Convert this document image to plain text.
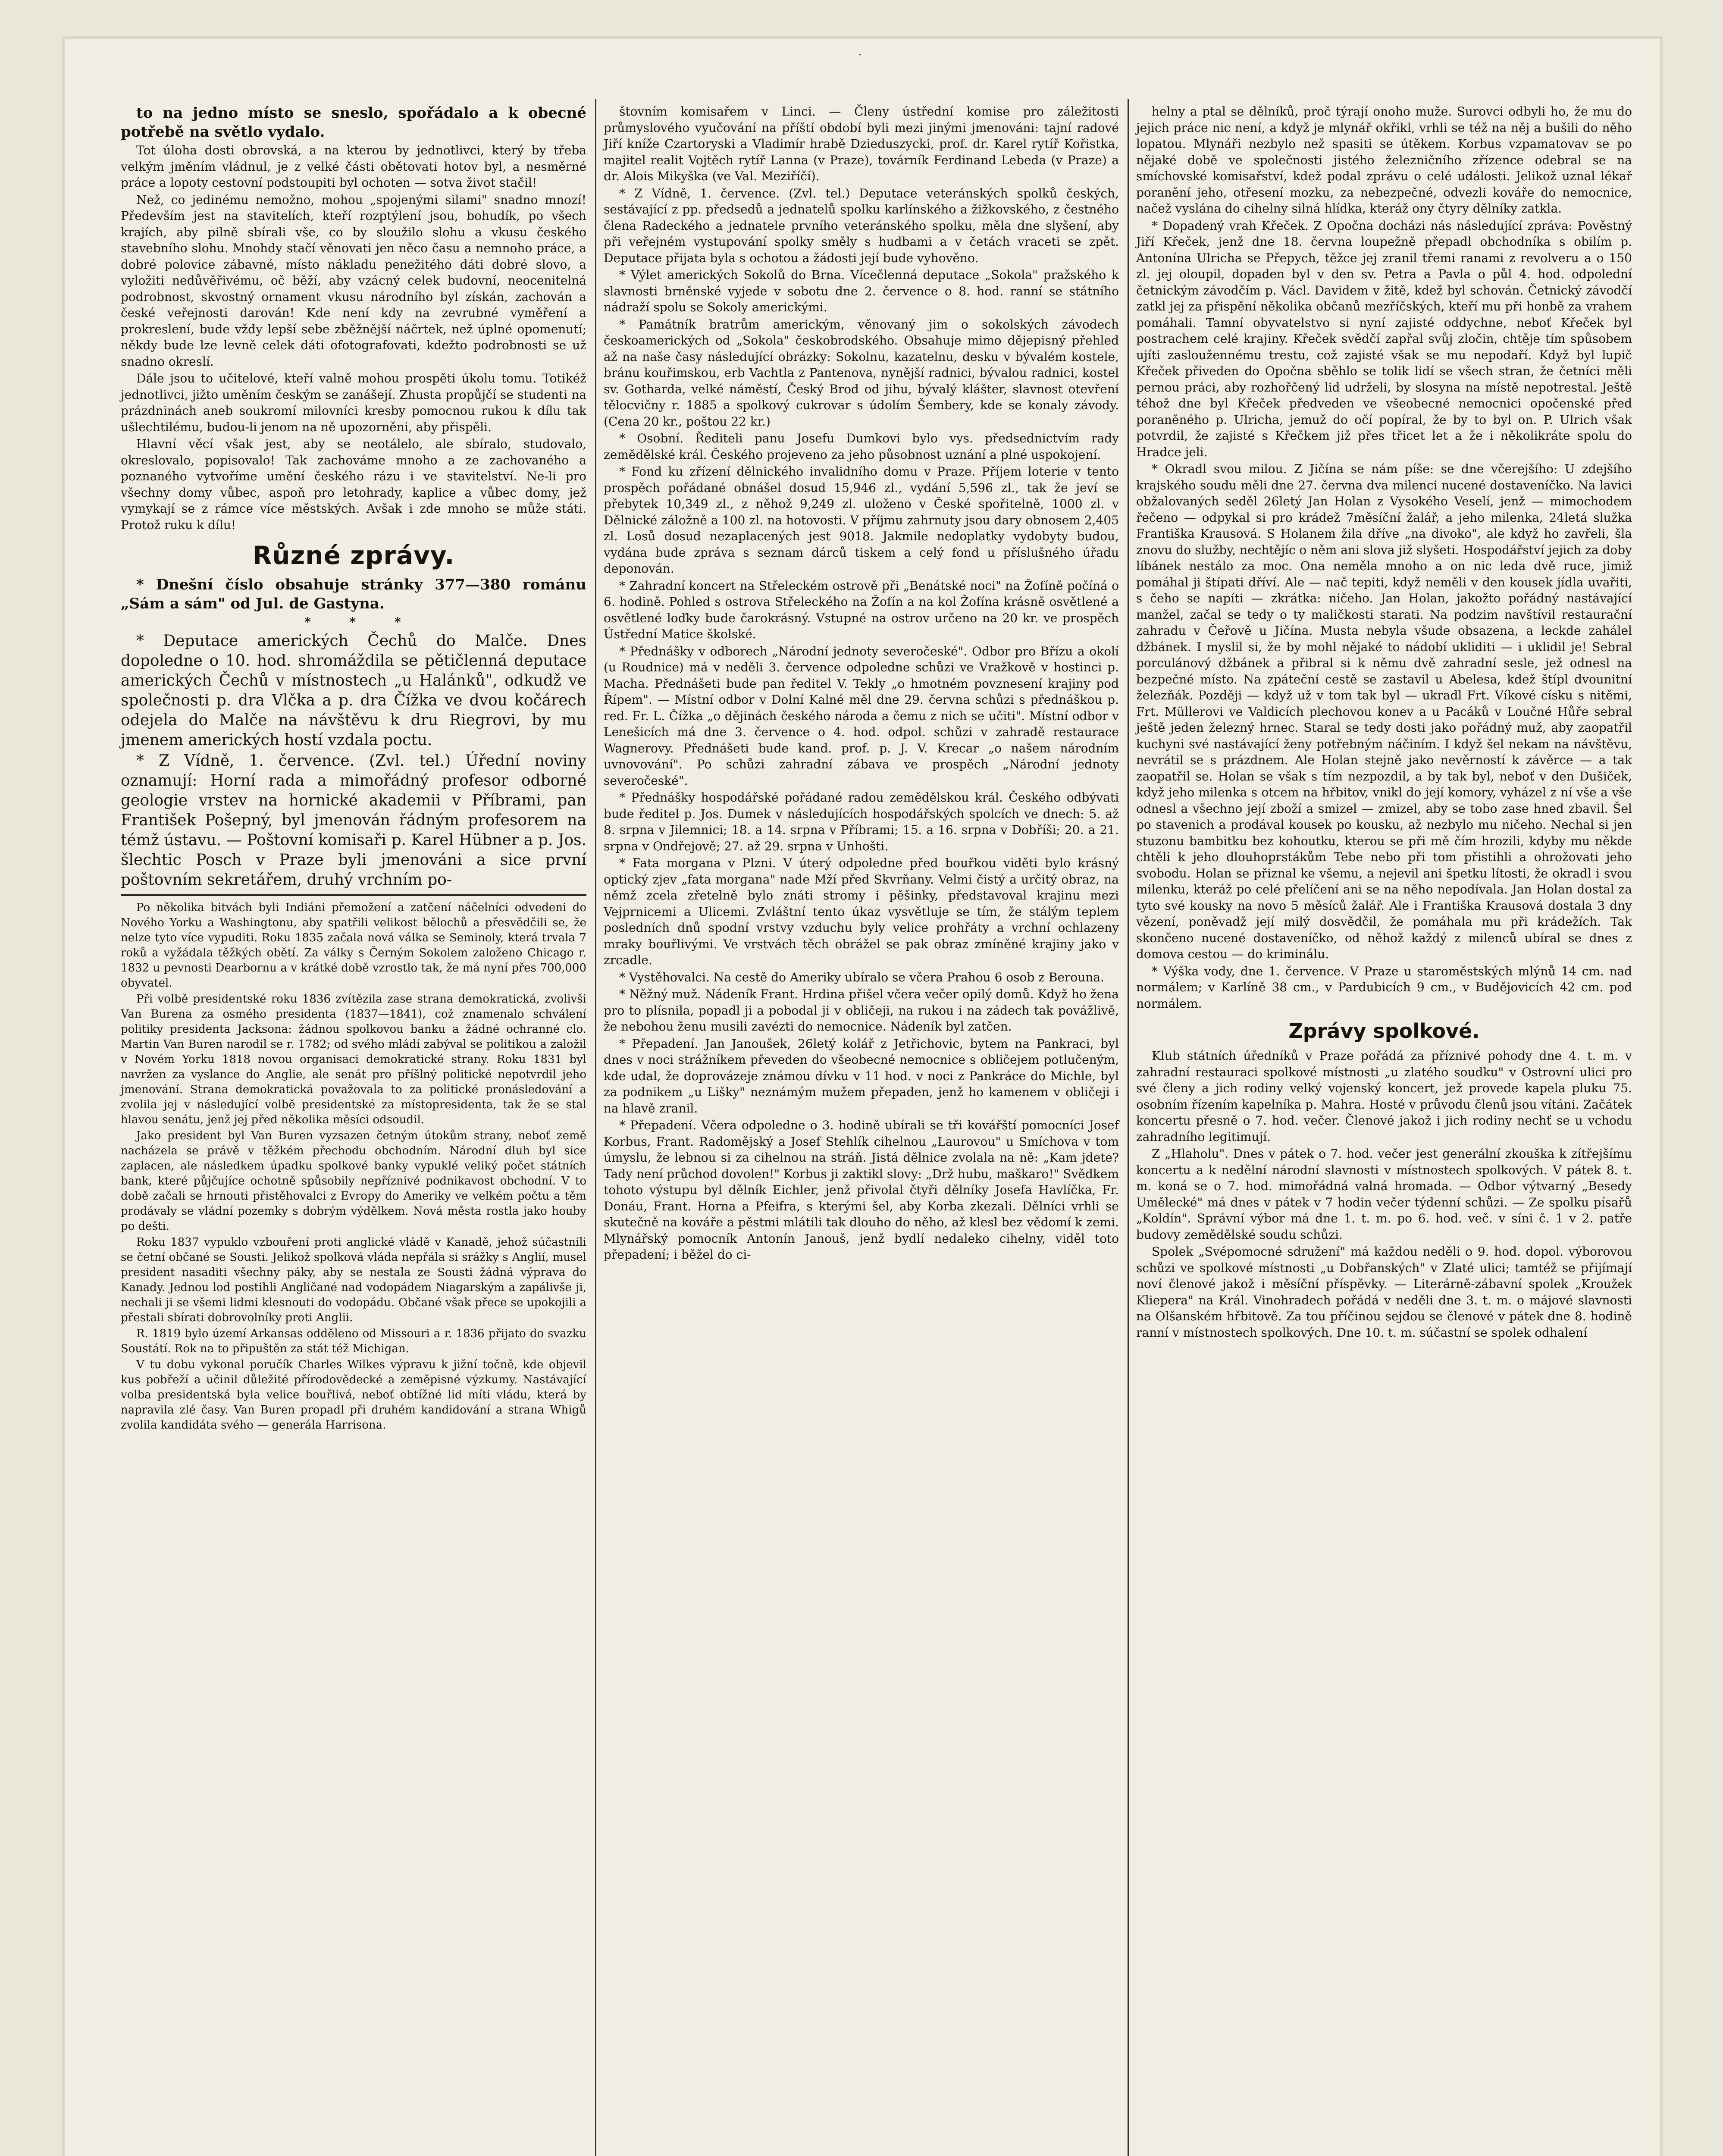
·

to na jedno místo se sneslo, spořádalo a k obecné potřebě na světlo vydalo.

Tot úloha dosti obrovská, a na kterou by jednotlivci, který by třeba velkým jměním vládnul, je z velké části obětovati hotov byl, a nesměrné práce a lopoty cestovní podstoupiti byl ochoten — sotva život stačil!

Než, co jedinému nemožno, mohou „spojenými silami" snadno mnozí! Především jest na stavitelích, kteří rozptýlení jsou, bohudík, po všech krajích, aby pilně sbírali vše, co by sloužilo slohu a vkusu českého stavebního slohu. Mnohdy stačí věnovati jen něco času a nemnoho práce, a dobré polovice zábavné, místo nákladu penežitého dáti dobré slovo, a vyložiti nedůvěřivému, oč běží, aby vzácný celek budovní, neocenitelná podrobnost, skvostný ornament vkusu národního byl získán, zachován a české veřejnosti darován! Kde není kdy na zevrubné vyměření a prokreslení, bude vždy lepší sebe zběžnější náčrtek, než úplné opomenutí; někdy bude lze levně celek dáti ofotografovati, kdežto podrobnosti se už snadno okreslí.

Dále jsou to učitelové, kteří valně mohou prospěti úkolu tomu. Totikéž jednotlivci, jižto uměním českým se zanášejí. Zhusta propůjčí se studenti na prázdninách aneb soukromí milovníci kresby pomocnou rukou k dílu tak ušlechtilému, budou-li jenom na ně upozorněni, aby přispěli.

Hlavní věcí však jest, aby se neotálelo, ale sbíralo, studovalo, okreslovalo, popisovalo! Tak zachováme mnoho a ze zachovaného a poznaného vytvoříme umění českého rázu i ve stavitelství. Ne-li pro všechny domy vůbec, aspoň pro letohrady, kaplice a vůbec domy, jež vymykají se z rámce více městských. Avšak i zde mnoho se může státi. Protož ruku k dílu!

Různé zprávy.

* Dnešní číslo obsahuje stránky 377—380 románu „Sám a sám" od Jul. de Gastyna.

* * *

* Deputace amerických Čechů do Malče. Dnes dopoledne o 10. hod. shromáždila se pětičlenná deputace amerických Čechů v místnostech „u Halánků", odkudž ve společnosti p. dra Vlčka a p. dra Čížka ve dvou kočárech odejela do Malče na návštěvu k dru Riegrovi, by mu jmenem amerických hostí vzdala poctu.

* Z Vídně, 1. července. (Zvl. tel.) Úřední noviny oznamují: Horní rada a mimořádný profesor odborné geologie vrstev na hornické akademii v Příbrami, pan František Pošepný, byl jmenován řádným profesorem na témž ústavu. — Poštovní komisaři p. Karel Hübner a p. Jos. šlechtic Posch v Praze byli jmenováni a sice první poštovním sekretářem, druhý vrchním po-

Po několika bitvách byli Indiáni přemožení a zatčení náčelníci odvedeni do Nového Yorku a Washingtonu, aby spatřili velikost bělochů a přesvědčili se, že nelze tyto více vypuditi. Roku 1835 začala nová válka se Seminoly, která trvala 7 roků a vyžádala těžkých obětí. Za války s Černým Sokolem založeno Chicago r. 1832 u pevnosti Dearbornu a v krátké době vzrostlo tak, že má nyní přes 700,000 obyvatel.

Při volbě presidentské roku 1836 zvítězila zase strana demokratická, zvolivši Van Burena za osmého presidenta (1837—1841), což znamenalo schválení politiky presidenta Jacksona: žádnou spolkovou banku a žádné ochranné clo. Martin Van Buren narodil se r. 1782; od svého mládí zabýval se politikou a založil v Novém Yorku 1818 novou organisaci demokratické strany. Roku 1831 byl navržen za vyslance do Anglie, ale senát pro příšlný politické nepotvrdil jeho jmenování. Strana demokratická považovala to za politické pronásledování a zvolila jej v následující volbě presidentské za místopresidenta, tak že se stal hlavou senátu, jenž jej před několika měsíci odsoudil.

Jako president byl Van Buren vyzsazen četným útokům strany, neboť země nacházela se právě v těžkém přechodu obchodním. Národní dluh byl sice zaplacen, ale následkem úpadku spolkové banky vypuklé veliký počet státních bank, které půjčujíce ochotně spůsobily nepříznivé podnikavost obchodní. V to době začali se hrnouti přistěhovalci z Evropy do Ameriky ve velkém počtu a těm prodávaly se vládní pozemky s dobrým výdělkem. Nová města rostla jako houby po dešti.

Roku 1837 vypuklo vzbouření proti anglické vládě v Kanadě, jehož súčastnili se četní občané se Sousti. Jelikož spolková vláda nepřála si srážky s Anglií, musel president nasaditi všechny páky, aby se nestala ze Sousti žádná výprava do Kanady. Jednou lod postihli Angličané nad vodopádem Niagarským a zapálivše ji, nechali ji se všemi lidmi klesnouti do vodopádu. Občané však přece se upokojili a přestali sbírati dobrovolníky proti Anglii.

R. 1819 bylo území Arkansas odděleno od Missouri a r. 1836 přijato do svazku Soustátí. Rok na to připuštěn za stát též Michigan.

V tu dobu vykonal poručík Charles Wilkes výpravu k jižní točně, kde objevil kus pobřeží a učinil důležité přírodovědecké a zeměpisné výzkumy. Nastávající volba presidentská byla velice bouřlivá, neboť obtížné lid míti vládu, která by napravila zlé časy. Van Buren propadl při druhém kandidování a strana Whigů zvolila kandidáta svého — generála Harrisona.

štovním komisařem v Linci. — Členy ústřední komise pro záležitosti průmyslového vyučování na příští období byli mezi jinými jmenováni: tajní radové Jiří kníže Czartoryski a Vladimír hrabě Dzieduszycki, prof. dr. Karel rytíř Kořistka, majitel realit Vojtěch rytíř Lanna (v Praze), továrník Ferdinand Lebeda (v Praze) a dr. Alois Mikyška (ve Val. Meziříčí).

* Z Vídně, 1. července. (Zvl. tel.) Deputace veteránských spolků českých, sestávající z pp. předsedů a jednatelů spolku karlínského a žižkovského, z čestného člena Radeckého a jednatele prvního veteránského spolku, měla dne slyšení, aby při veřejném vystupování spolky směly s hudbami a v četách vraceti se zpět. Deputace přijata byla s ochotou a žádosti její bude vyhověno.

* Výlet amerických Sokolů do Brna. Vícečlenná deputace „Sokola" pražského k slavnosti brněnské vyjede v sobotu dne 2. července o 8. hod. ranní se státního nádraží spolu se Sokoly americkými.

* Památník bratrům americkým, věnovaný jim o sokolských závodech českoamerických od „Sokola" českobrodského. Obsahuje mimo dějepisný přehled až na naše časy následující obrázky: Sokolnu, kazatelnu, desku v bývalém kostele, bránu kouřimskou, erb Vachtla z Pantenova, nynější radnici, bývalou radnici, kostel sv. Gotharda, velké náměstí, Český Brod od jihu, bývalý klášter, slavnost otevření tělocvičny r. 1885 a spolkový cukrovar s údolím Šembery, kde se konaly závody. (Cena 20 kr., poštou 22 kr.)

* Osobní. Řediteli panu Josefu Dumkovi bylo vys. předsednictvím rady zemědělské král. Českého projeveno za jeho působnost uznání a plné uspokojení.

* Fond ku zřízení dělnického invalidního domu v Praze. Příjem loterie v tento prospěch pořádané obnášel dosud 15,946 zl., vydání 5,596 zl., tak že jeví se přebytek 10,349 zl., z něhož 9,249 zl. uloženo v České spořitelně, 1000 zl. v Dělnické záložně a 100 zl. na hotovosti. V příjmu zahrnuty jsou dary obnosem 2,405 zl. Losů dosud nezaplacených jest 9018. Jakmile nedoplatky vydobyty budou, vydána bude zpráva s seznam dárců tiskem a celý fond u příslušného úřadu deponován.

* Zahradní koncert na Střeleckém ostrově při „Benátské noci" na Žofíně počíná o 6. hodině. Pohled s ostrova Střeleckého na Žofín a na kol Žofína krásně osvětlené a osvětlené loďky bude čarokrásný. Vstupné na ostrov určeno na 20 kr. ve prospěch Ústřední Matice školské.

* Přednášky v odborech „Národní jednoty severočeské". Odbor pro Břízu a okolí (u Roudnice) má v neděli 3. července odpoledne schůzi ve Vražkově v hostinci p. Macha. Přednášeti bude pan ředitel V. Tekly „o hmotném povznesení krajiny pod Řípem". — Místní odbor v Dolní Kalné měl dne 29. června schůzi s přednáškou p. red. Fr. L. Čížka „o dějinách českého národa a čemu z nich se učiti". Místní odbor v Lenešicích má dne 3. července o 4. hod. odpol. schůzi v zahradě restaurace Wagnerovy. Přednášeti bude kand. prof. p. J. V. Krecar „o našem národním uvnovování". Po schůzi zahradní zábava ve prospěch „Národní jednoty severočeské".

* Přednášky hospodářské pořádané radou zemědělskou král. Českého odbývati bude ředitel p. Jos. Dumek v následujících hospodářských spolcích ve dnech: 5. až 8. srpna v Jilemnici; 18. a 14. srpna v Příbrami; 15. a 16. srpna v Dobříši; 20. a 21. srpna v Ondřejově; 27. až 29. srpna v Unhošti.

* Fata morgana v Plzni. V úterý odpoledne před bouřkou viděti bylo krásný optický zjev „fata morgana" nade Mží před Skvrňany. Velmi čistý a určitý obraz, na němž zcela zřetelně bylo znáti stromy i pěšinky, představoval krajinu mezi Vejprnicemi a Ulicemi. Zvláštní tento úkaz vysvětluje se tím, že stálým teplem posledních dnů spodní vrstvy vzduchu byly velice prohřáty a vrchní ochlazeny mraky bouřlivými. Ve vrstvách těch obrážel se pak obraz zmíněné krajiny jako v zrcadle.

* Vystěhovalci. Na cestě do Ameriky ubíralo se včera Prahou 6 osob z Berouna.

* Něžný muž. Nádeník Frant. Hrdina přišel včera večer opilý domů. Když ho žena pro to plísnila, popadl ji a pobodal ji v obličeji, na rukou i na zádech tak povážlivě, že nebohou ženu musili zavézti do nemocnice. Nádeník byl zatčen.

* Přepadení. Jan Janoušek, 26letý kolář z Jetřichovic, bytem na Pankraci, byl dnes v noci strážníkem převeden do všeobecné nemocnice s obličejem potlučeným, kde udal, že doprovázeje známou dívku v 11 hod. v noci z Pankráce do Michle, byl za podnikem „u Lišky" neznámým mužem přepaden, jenž ho kamenem v obličeji i na hlavě zranil.

* Přepadení. Včera odpoledne o 3. hodině ubírali se tři kovářští pomocníci Josef Korbus, Frant. Radomějský a Josef Stehlík cihelnou „Laurovou" u Smíchova v tom úmyslu, že lebnou si za cihelnou na stráň. Jistá dělnice zvolala na ně: „Kam jdete? Tady není průchod dovolen!" Korbus ji zaktikl slovy: „Drž hubu, maškaro!" Svědkem tohoto výstupu byl dělník Eichler, jenž přivolal čtyři dělníky Josefa Havlíčka, Fr. Donáu, Frant. Horna a Pfeifra, s kterými šel, aby Korba zkezali. Dělníci vrhli se skutečně na kováře a pěstmi mlátili tak dlouho do něho, až klesl bez vědomí k zemi. Mlynářský pomocník Antonín Janouš, jenž bydlí nedaleko cihelny, viděl toto přepadení; i běžel do ci-

helny a ptal se dělníků, proč týrají onoho muže. Surovci odbyli ho, že mu do jejich práce nic není, a když je mlynář okřikl, vrhli se též na něj a bušili do něho lopatou. Mlynáři nezbylo než spasiti se útěkem. Korbus vzpamatovav se po nějaké době ve společnosti jistého železničního zřízence odebral se na smíchovské komisařství, kdež podal zprávu o celé události. Jelikož uznal lékař poranění jeho, otřesení mozku, za nebezpečné, odvezli kováře do nemocnice, načež vyslána do cihelny silná hlídka, kteráž ony čtyry dělníky zatkla.

* Dopadený vrah Křeček. Z Opočna docházi nás následující zpráva: Pověstný Jiří Křeček, jenž dne 18. června loupežně přepadl obchodníka s obilím p. Antonína Ulricha se Přepych, těžce jej zranil třemi ranami z revolveru a o 150 zl. jej oloupil, dopaden byl v den sv. Petra a Pavla o půl 4. hod. odpolední četnickým závodčím p. Václ. Davidem v žitě, kdež byl schován. Četnický závodčí zatkl jej za přispění několika občanů mezříčských, kteří mu při honbě za vrahem pomáhali. Tamní obyvatelstvo si nyní zajisté oddychne, neboť Křeček byl postrachem celé krajiny. Křeček svědčí zapřal svůj zločin, chtěje tím spůsobem ujíti zasloužennému trestu, což zajisté však se mu nepodaří. Když byl lupič Křeček přiveden do Opočna sběhlo se tolik lidí se všech stran, že četníci měli pernou práci, aby rozhořčený lid udrželi, by slosyna na místě nepotrestal. Ještě téhož dne byl Křeček předveden ve všeobecné nemocnici opočenské před poraněného p. Ulricha, jemuž do očí popíral, že by to byl on. P. Ulrich však potvrdil, že zajisté s Křečkem již přes třicet let a že i několikráte spolu do Hradce jeli.

* Okradl svou milou. Z Jičína se nám píše: se dne včerejšího: U zdejšího krajského soudu měli dne 27. června dva milenci nucené dostaveníčko. Na lavici obžalovaných seděl 26letý Jan Holan z Vysokého Veselí, jenž — mimochodem řečeno — odpykal si pro krádež 7měsíční žalář, a jeho milenka, 24letá služka Františka Krausová. S Holanem žila dříve „na divoko", ale když ho zavřeli, šla znovu do služby, nechtějíc o něm ani slova již slyšeti. Hospodářství jejich za doby líbánek nestálo za moc. Ona neměla mnoho a on nic leda dvě ruce, jimiž pomáhal ji štípati dříví. Ale — nač tepiti, když neměli v den kousek jídla uvařiti, s čeho se napíti — zkrátka: ničeho. Jan Holan, jakožto pořádný nastávající manžel, začal se tedy o ty maličkosti starati. Na podzim navštívil restaurační zahradu v Čeřově u Jičína. Musta nebyla všude obsazena, a leckde zahálel džbánek. I myslil si, že by mohl nějaké to nádobí ukliditi — i uklidil je! Sebral porculánový džbánek a přibral si k němu dvě zahradní sesle, jež odnesl na bezpečné místo. Na zpáteční cestě se zastavil u Abelesa, kdež štípl dvounitní železňák. Později — když už v tom tak byl — ukradl Frt. Víkové císku s nitěmi, Frt. Müllerovi ve Valdicích plechovou konev a u Pacáků v Loučné Hůře sebral ještě jeden železný hrnec. Staral se tedy dosti jako pořádný muž, aby zaopatřil kuchyni své nastávající ženy potřebným náčiním. I když šel nekam na návštěvu, nevrátil se s prázdnem. Ale Holan stejně jako nevěrností k závěrce — a tak zaopatřil se. Holan se však s tím nezpozdil, a by tak byl, neboť v den Dušiček, když jeho milenka s otcem na hřbitov, vnikl do její komory, vyházel z ní vše a vše odnesl a všechno její zboží a smizel — zmizel, aby se tobo zase hned zbavil. Šel po stavenich a prodával kousek po kousku, až nezbylo mu ničeho. Nechal si jen stuzonu bambitku bez kohoutku, kterou se při mě čím hrozili, kdyby mu někde chtěli k jeho dlouhoprstákům Tebe nebo při tom přistihli a ohrožovati jeho svobodu. Holan se přiznal ke všemu, a nejevil ani špetku lítosti, že okradl i svou milenku, kteráž po celé přelíčení ani se na něho nepodívala. Jan Holan dostal za tyto své kousky na novo 5 měsíců žalář. Ale i Františka Krausová dostala 3 dny vězení, poněvadž její milý dosvědčil, že pomáhala mu při krádežích. Tak skončeno nucené dostaveníčko, od něhož každý z milenců ubíral se dnes z domova cestou — do kriminálu.

* Výška vody, dne 1. července. V Praze u staroměstských mlýnů 14 cm. nad normálem; v Karlíně 38 cm., v Pardubicích 9 cm., v Budějovicích 42 cm. pod normálem.

Zprávy spolkové.

Klub státních úředníků v Praze pořádá za příznivé pohody dne 4. t. m. v zahradní restauraci spolkové místnosti „u zlatého soudku" v Ostrovní ulici pro své členy a jich rodiny velký vojenský koncert, jež provede kapela pluku 75. osobním řízením kapelníka p. Mahra. Hosté v průvodu členů jsou vítáni. Začátek koncertu přesně o 7. hod. večer. Členové jakož i jich rodiny nechť se u vchodu zahradního legitimují.

Z „Hlaholu". Dnes v pátek o 7. hod. večer jest generální zkouška k zítřejšímu koncertu a k nedělní národní slavnosti v místnostech spolkových. V pátek 8. t. m. koná se o 7. hod. mimořádná valná hromada. — Odbor výtvarný „Besedy Umělecké" má dnes v pátek v 7 hodin večer týdenní schůzi. — Ze spolku písařů „Koldín". Správní výbor má dne 1. t. m. po 6. hod. več. v síni č. 1 v 2. patře budovy zemědělské soudu schůzi.

Spolek „Svépomocné sdružení" má každou neděli o 9. hod. dopol. výborovou schůzi ve spolkové místnosti „u Dobřanských" v Zlaté ulici; tamtéž se přijímají noví členové jakož i měsíční příspěvky. — Literárně-zábavní spolek „Kroužek Kliepera" na Král. Vinohradech pořádá v neděli dne 3. t. m. o májové slavnosti na Olšanském hřbitově. Za tou příčinou sejdou se členové v pátek dne 8. hodině ranní v místnostech spolkových. Dne 10. t. m. súčastní se spolek odhalení
